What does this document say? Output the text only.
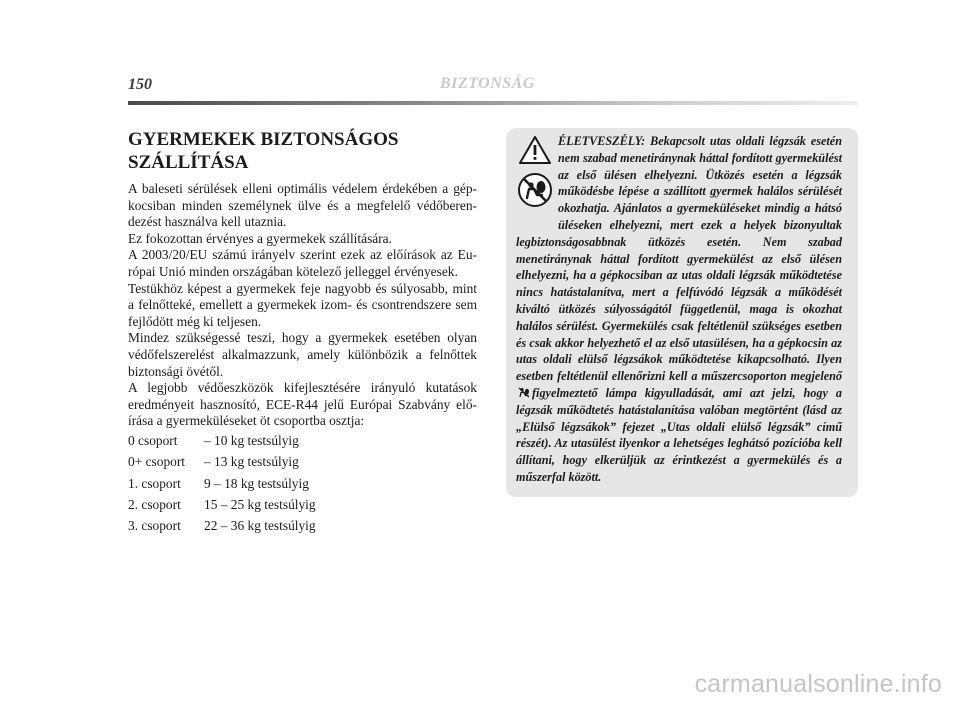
150	BIZTONSÁG
GYERMEKEK BIZTONSÁGOS SZÁLLÍTÁSA

A baleseti sérülések elleni optimális védelem érdekében a gépkocsiban minden személynek ülve és a megfelelő védőberendezést használva kell utaznia.

Ez fokozottan érvényes a gyermekek szállítására.

A 2003/20/EU számú irányelv szerint ezek az előírások az Európai Unió minden országában kötelező jelleggel érvényesek.

Testükhöz képest a gyermekek feje nagyobb és súlyosabb, mint a felnőtteké, emellett a gyermekek izom- és csontrendszere sem fejlődött még ki teljesen.

Mindez szükségessé teszi, hogy a gyermekek esetében olyan védőfelszerelést alkalmazzunk, amely különbözik a felnőttek biztonsági övétől.

A legjobb védőeszközök kifejlesztésére irányuló kutatások eredményeit hasznosító, ECE-R44 jelű Európai Szabvány előírása a gyermeküléseket öt csoportba osztja:

0 csoport – 10 kg testsúlyig
0+ csoport – 13 kg testsúlyig
1. csoport 9 – 18 kg testsúlyig
2. csoport 15 – 25 kg testsúlyig
3. csoport 22 – 36 kg testsúlyig

ÉLETVESZÉLY: Bekapcsolt utas oldali légzsák esetén nem szabad menetiránynak háttal fordított gyermekülést az első ülésen elhelyezni. Ütközés esetén a légzsák működésbe lépése a szállított gyermek halálos sérülését okozhatja. Ajánlatos a gyermeküléseket mindig a hátsó üléseken elhelyezni, mert ezek a helyek bizonyultak legbiztonságosabbnak ütközés esetén. Nem szabad menetiránynak háttal fordított gyermekülést az első ülésen elhelyezni, ha a gépkocsiban az utas oldali légzsák működtetése nincs hatástalanítva, mert a felfúvódó légzsák a működését kiváltó ütközés súlyosságától függetlenül, maga is okozhat halálos sérülést. Gyermekülés csak feltétlenül szükséges esetben és csak akkor helyezhető el az első utasülésen, ha a gépkocsin az utas oldali elülső légzsákok működtetése kikapcsolható. Ilyen esetben feltétlenül ellenőrizni kell a műszercsoporton megjelenőfigyelmeztető lámpa kigyulladását, ami azt jelzi, hogy a légzsák működtetés hatástalanítása valóban megtörtént (lásd az „Elülső légzsákok” fejezet „Utas oldali elülső légzsák” című részét). Az utasülést ilyenkor a lehetséges leghátsó pozícióba kell állítani, hogy elkerüljük az érintkezést a gyermekülés és a műszerfal között.

carmanualsonline.info
